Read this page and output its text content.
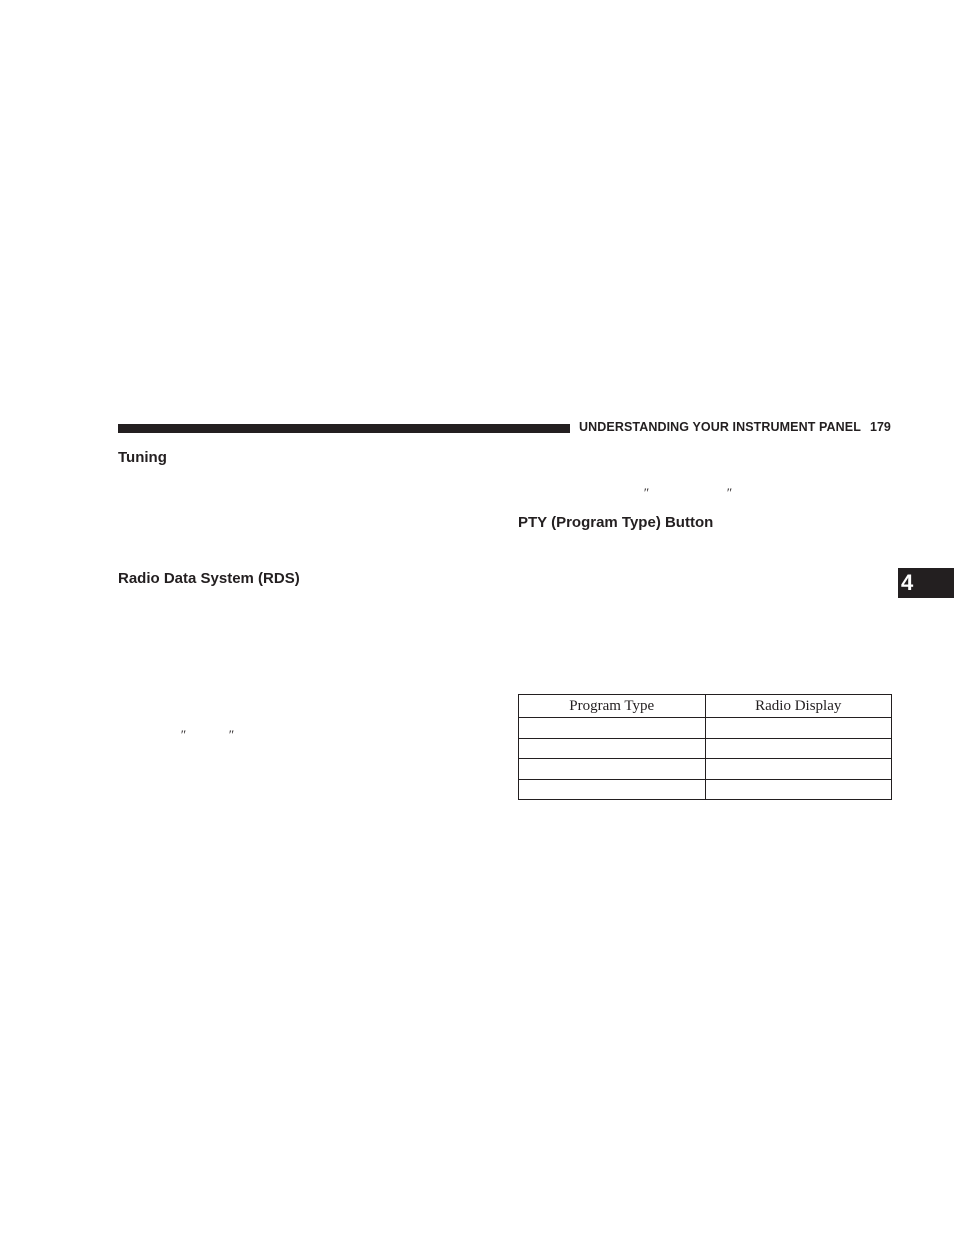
UNDERSTANDING YOUR INSTRUMENT PANEL 179
Tuning
Radio Data System (RDS)
″	″
″	″
PTY (Program Type) Button
4
Program Type	Radio Display
